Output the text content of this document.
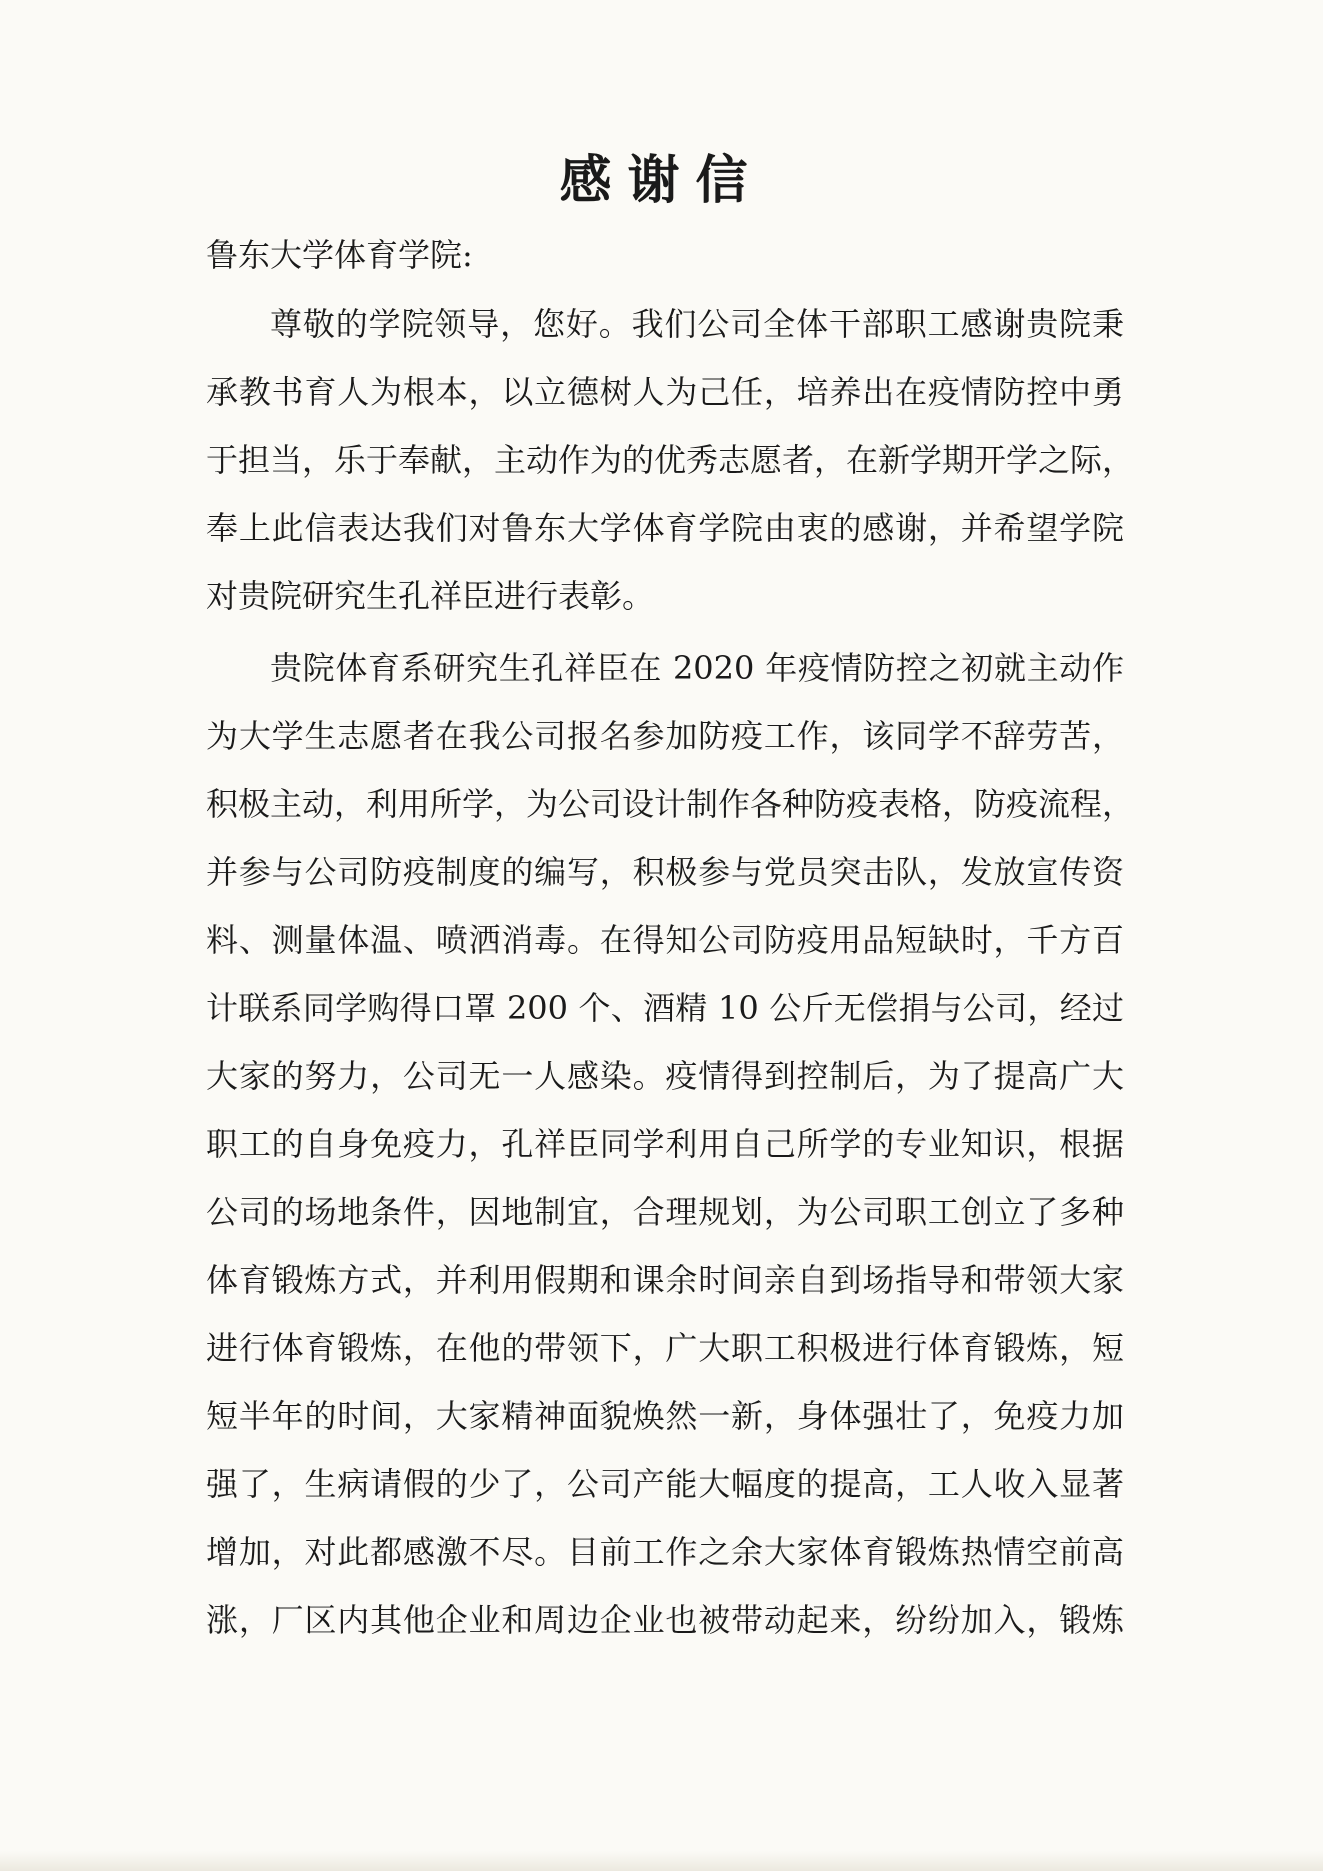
感谢信
鲁东大学体育学院:
尊敬的学院领导，您好。我们公司全体干部职工感谢贵院秉
承教书育人为根本，以立德树人为己任，培养出在疫情防控中勇
于担当，乐于奉献，主动作为的优秀志愿者，在新学期开学之际，
奉上此信表达我们对鲁东大学体育学院由衷的感谢，并希望学院
对贵院研究生孔祥臣进行表彰。
贵院体育系研究生孔祥臣在 2020 年疫情防控之初就主动作
为大学生志愿者在我公司报名参加防疫工作，该同学不辞劳苦，
积极主动，利用所学，为公司设计制作各种防疫表格，防疫流程，
并参与公司防疫制度的编写，积极参与党员突击队，发放宣传资
料、测量体温、喷洒消毒。在得知公司防疫用品短缺时，千方百
计联系同学购得口罩 200 个、酒精 10 公斤无偿捐与公司，经过
大家的努力，公司无一人感染。疫情得到控制后，为了提高广大
职工的自身免疫力，孔祥臣同学利用自己所学的专业知识，根据
公司的场地条件，因地制宜，合理规划，为公司职工创立了多种
体育锻炼方式，并利用假期和课余时间亲自到场指导和带领大家
进行体育锻炼，在他的带领下，广大职工积极进行体育锻炼，短
短半年的时间，大家精神面貌焕然一新，身体强壮了，免疫力加
强了，生病请假的少了，公司产能大幅度的提高，工人收入显著
增加，对此都感激不尽。目前工作之余大家体育锻炼热情空前高
涨，厂区内其他企业和周边企业也被带动起来，纷纷加入，锻炼
